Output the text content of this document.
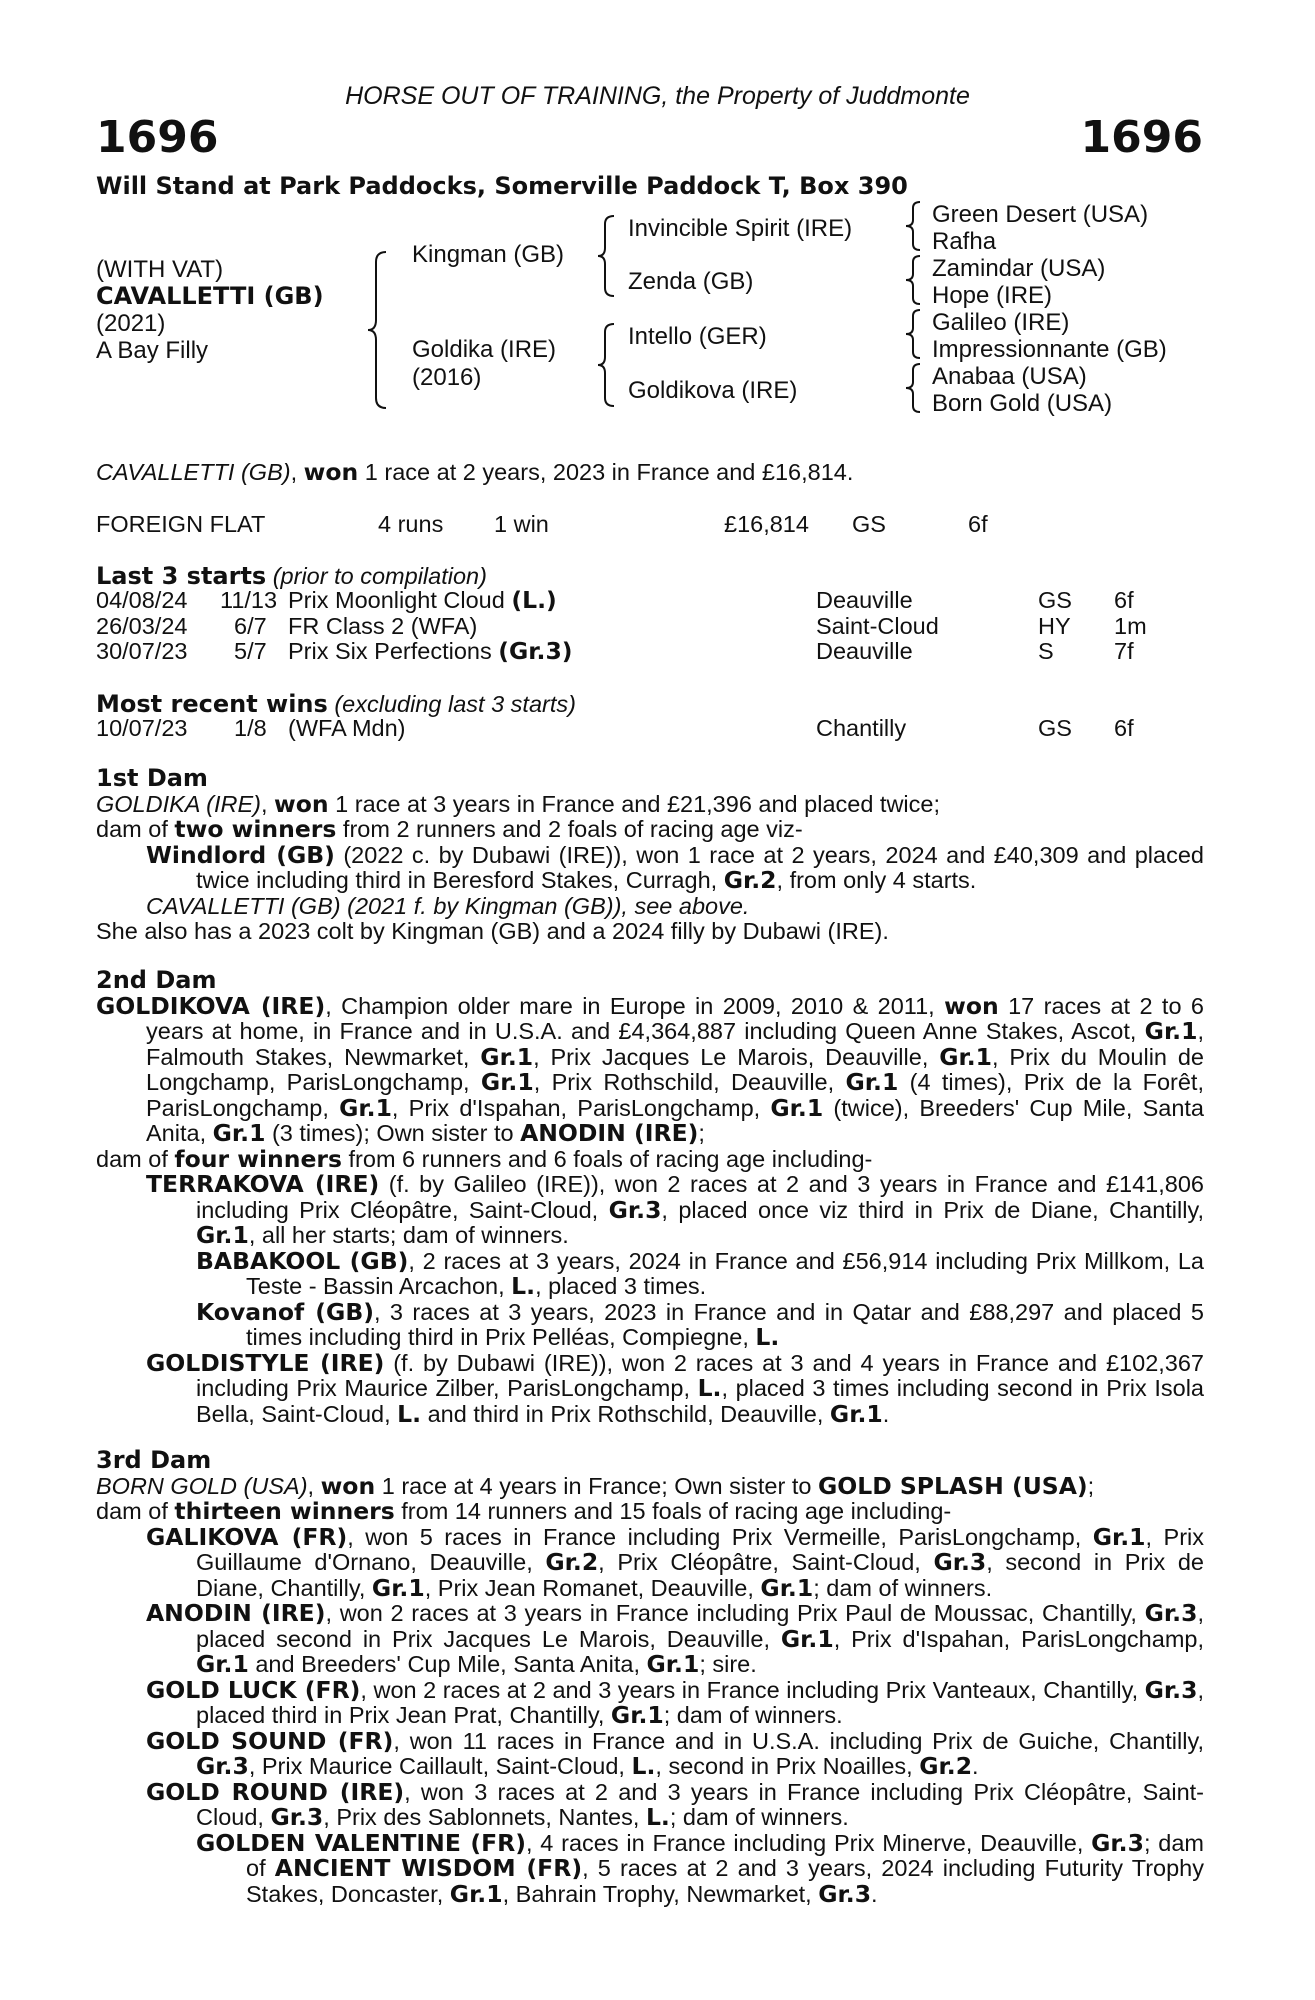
HORSE OUT OF TRAINING, the Property of Juddmonte
1696	1696
Will Stand at Park Paddocks, Somerville Paddock T, Box 390
(WITH VAT)
CAVALLETTI (GB)
(2021)
A Bay Filly
Kingman (GB)
Goldika (IRE)
(2016)
Invincible Spirit (IRE)
Zenda (GB)
Intello (GER)
Goldikova (IRE)
Green Desert (USA)
Rafha
Zamindar (USA)
Hope (IRE)
Galileo (IRE)
Impressionnante (GB)
Anabaa (USA)
Born Gold (USA)
CAVALLETTI (GB), won 1 race at 2 years, 2023 in France and £16,814.
FOREIGN FLAT	4 runs 1 win	£16,814 GS	6f
Last 3 starts (prior to compilation)
04/08/24 11/13 Prix Moonlight Cloud (L.)	Deauville	GS 6f
26/03/24 6/7 FR Class 2 (WFA)	Saint-Cloud	HY 1m
30/07/23 5/7 Prix Six Perfections (Gr.3)	Deauville	S	7f
Most recent wins (excluding last 3 starts)
10/07/23 1/8 (WFA Mdn)	Chantilly	GS 6f
1st Dam
GOLDIKA (IRE), won 1 race at 3 years in France and £21,396 and placed twice;
dam of two winners from 2 runners and 2 foals of racing age viz-
Windlord (GB) (2022 c. by Dubawi (IRE)), won 1 race at 2 years, 2024 and £40,309 and placed twice including third in Beresford Stakes, Curragh, Gr.2, from only 4 starts.
CAVALLETTI (GB) (2021 f. by Kingman (GB)), see above.
She also has a 2023 colt by Kingman (GB) and a 2024 filly by Dubawi (IRE).
2nd Dam
GOLDIKOVA (IRE), Champion older mare in Europe in 2009, 2010 & 2011, won 17 races at 2 to 6 years at home, in France and in U.S.A. and £4,364,887 including Queen Anne Stakes, Ascot, Gr.1, Falmouth Stakes, Newmarket, Gr.1, Prix Jacques Le Marois, Deauville, Gr.1, Prix du Moulin de Longchamp, ParisLongchamp, Gr.1, Prix Rothschild, Deauville, Gr.1 (4 times), Prix de la Forêt, ParisLongchamp, Gr.1, Prix d'Ispahan, ParisLongchamp, Gr.1 (twice), Breeders' Cup Mile, Santa Anita, Gr.1 (3 times); Own sister to ANODIN (IRE);
dam of four winners from 6 runners and 6 foals of racing age including-
TERRAKOVA (IRE) (f. by Galileo (IRE)), won 2 races at 2 and 3 years in France and £141,806 including Prix Cléopâtre, Saint-Cloud, Gr.3, placed once viz third in Prix de Diane, Chantilly, Gr.1, all her starts; dam of winners.
BABAKOOL (GB), 2 races at 3 years, 2024 in France and £56,914 including Prix Millkom, La Teste - Bassin Arcachon, L., placed 3 times.
Kovanof (GB), 3 races at 3 years, 2023 in France and in Qatar and £88,297 and placed 5 times including third in Prix Pelléas, Compiegne, L.
GOLDISTYLE (IRE) (f. by Dubawi (IRE)), won 2 races at 3 and 4 years in France and £102,367 including Prix Maurice Zilber, ParisLongchamp, L., placed 3 times including second in Prix Isola Bella, Saint-Cloud, L. and third in Prix Rothschild, Deauville, Gr.1.
3rd Dam
BORN GOLD (USA), won 1 race at 4 years in France; Own sister to GOLD SPLASH (USA);
dam of thirteen winners from 14 runners and 15 foals of racing age including-
GALIKOVA (FR), won 5 races in France including Prix Vermeille, ParisLongchamp, Gr.1, Prix Guillaume d'Ornano, Deauville, Gr.2, Prix Cléopâtre, Saint-Cloud, Gr.3, second in Prix de Diane, Chantilly, Gr.1, Prix Jean Romanet, Deauville, Gr.1; dam of winners.
ANODIN (IRE), won 2 races at 3 years in France including Prix Paul de Moussac, Chantilly, Gr.3, placed second in Prix Jacques Le Marois, Deauville, Gr.1, Prix d'Ispahan, ParisLongchamp, Gr.1 and Breeders' Cup Mile, Santa Anita, Gr.1; sire.
GOLD LUCK (FR), won 2 races at 2 and 3 years in France including Prix Vanteaux, Chantilly, Gr.3, placed third in Prix Jean Prat, Chantilly, Gr.1; dam of winners.
GOLD SOUND (FR), won 11 races in France and in U.S.A. including Prix de Guiche, Chantilly, Gr.3, Prix Maurice Caillault, Saint-Cloud, L., second in Prix Noailles, Gr.2.
GOLD ROUND (IRE), won 3 races at 2 and 3 years in France including Prix Cléopâtre, Saint-Cloud, Gr.3, Prix des Sablonnets, Nantes, L.; dam of winners.
GOLDEN VALENTINE (FR), 4 races in France including Prix Minerve, Deauville, Gr.3; dam of ANCIENT WISDOM (FR), 5 races at 2 and 3 years, 2024 including Futurity Trophy Stakes, Doncaster, Gr.1, Bahrain Trophy, Newmarket, Gr.3.
